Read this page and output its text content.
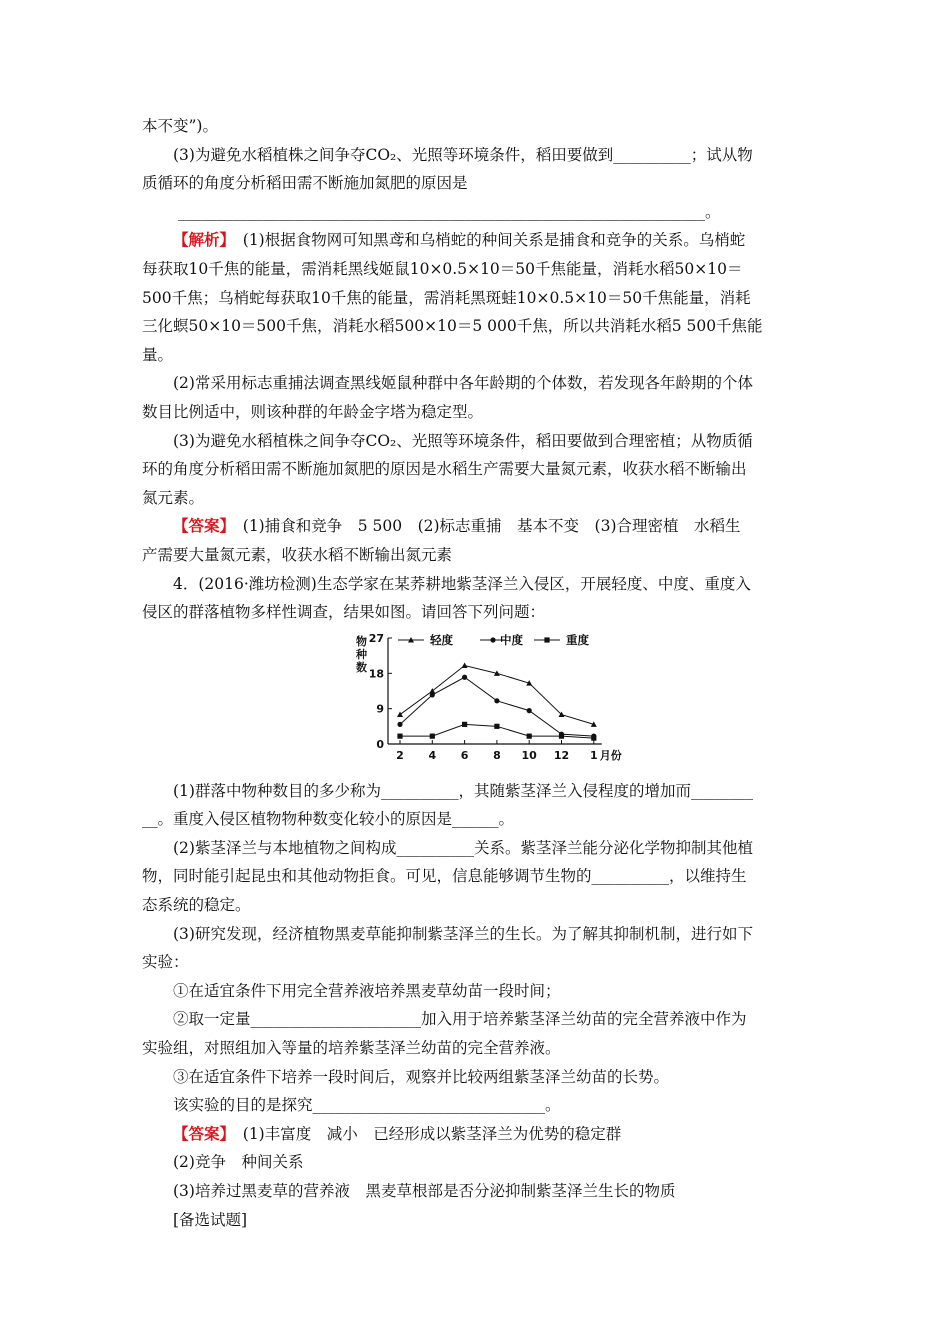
本不变”)。

(3)为避免水稻植株之间争夺CO₂、光照等环境条件，稻田要做到__________；试从物

质循环的角度分析稻田需不断施加氮肥的原因是

____________________________________________________________________。

【解析】　(1)根据食物网可知黑鸢和乌梢蛇的种间关系是捕食和竞争的关系。乌梢蛇

每获取10千焦的能量，需消耗黑线姬鼠10×0.5×10＝50千焦能量，消耗水稻50×10＝

500千焦；乌梢蛇每获取10千焦的能量，需消耗黑斑蛙10×0.5×10＝50千焦能量，消耗

三化螟50×10＝500千焦，消耗水稻500×10＝5 000千焦，所以共消耗水稻5 500千焦能

量。

(2)常采用标志重捕法调查黑线姬鼠种群中各年龄期的个体数，若发现各年龄期的个体

数目比例适中，则该种群的年龄金字塔为稳定型。

(3)为避免水稻植株之间争夺CO₂、光照等环境条件，稻田要做到合理密植；从物质循

环的角度分析稻田需不断施加氮肥的原因是水稻生产需要大量氮元素，收获水稻不断输出

氮元素。

【答案】　(1)捕食和竞争　5 500　(2)标志重捕　基本不变　(3)合理密植　水稻生

产需要大量氮元素，收获水稻不断输出氮元素

4．(2016·潍坊检测)生态学家在某荞耕地紫茎泽兰入侵区，开展轻度、中度、重度入

侵区的群落植物多样性调查，结果如图。请回答下列问题：

(1)群落中物种数目的多少称为__________，其随紫茎泽兰入侵程度的增加而________

__。重度入侵区植物物种数变化较小的原因是______。

(2)紫茎泽兰与本地植物之间构成__________关系。紫茎泽兰能分泌化学物抑制其他植

物，同时能引起昆虫和其他动物拒食。可见，信息能够调节生物的__________，以维持生

态系统的稳定。

(3)研究发现，经济植物黑麦草能抑制紫茎泽兰的生长。为了解其抑制机制，进行如下

实验：

①在适宜条件下用完全营养液培养黑麦草幼苗一段时间；

②取一定量______________________加入用于培养紫茎泽兰幼苗的完全营养液中作为

实验组，对照组加入等量的培养紫茎泽兰幼苗的完全营养液。

③在适宜条件下培养一段时间后，观察并比较两组紫茎泽兰幼苗的长势。

该实验的目的是探究______________________________。

【答案】　(1)丰富度　减小　已经形成以紫茎泽兰为优势的稳定群

(2)竞争　种间关系

(3)培养过黑麦草的营养液　黑麦草根部是否分泌抑制紫茎泽兰生长的物质

[备选试题]

0
9
18
27
物
种
数
2 4 6 8 10 12 1 月份
轻度	中度	重度
